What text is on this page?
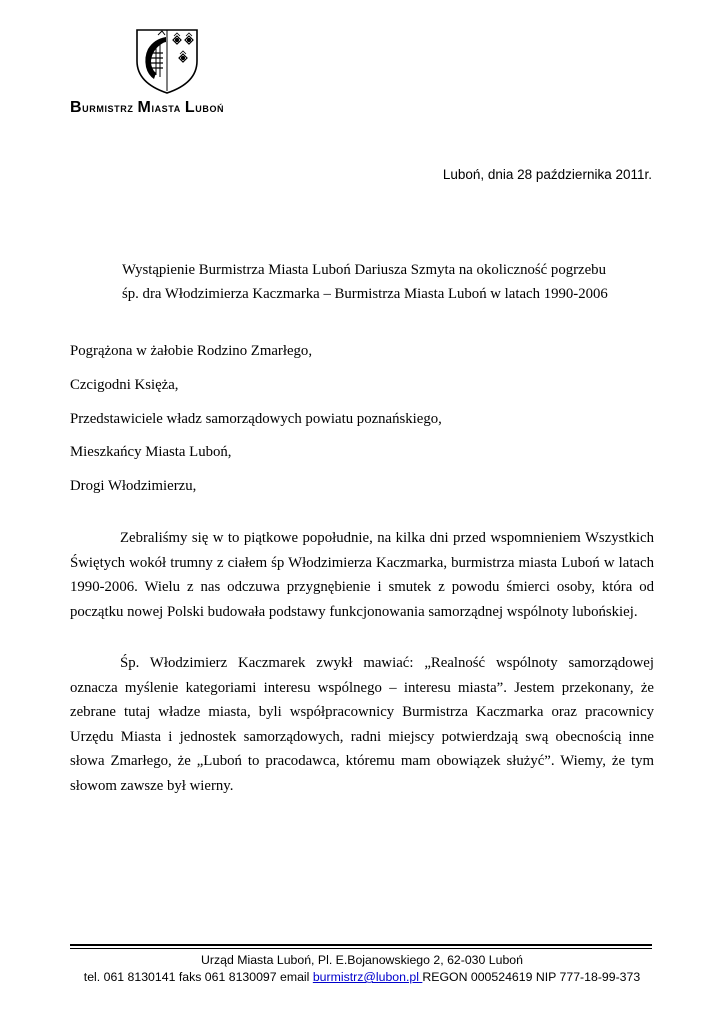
Burmistrz Miasta Luboń
Luboń, dnia 28 października 2011r.
Wystąpienie Burmistrza Miasta Luboń Dariusza Szmyta na okoliczność pogrzebu
śp. dra Włodzimierza Kaczmarka – Burmistrza Miasta Luboń w latach 1990-2006
Pogrążona w żałobie Rodzino Zmarłego,
Czcigodni Księża,
Przedstawiciele władz samorządowych powiatu poznańskiego,
Mieszkańcy Miasta Luboń,
Drogi Włodzimierzu,

Zebraliśmy się w to piątkowe popołudnie, na kilka dni przed wspomnieniem Wszystkich Świętych wokół trumny z ciałem śp Włodzimierza Kaczmarka, burmistrza miasta Luboń w latach 1990-2006. Wielu z nas odczuwa przygnębienie i smutek z powodu śmierci osoby, która od początku nowej Polski budowała podstawy funkcjonowania samorządnej wspólnoty lubońskiej.

Śp. Włodzimierz Kaczmarek zwykł mawiać: „Realność wspólnoty samorządowej oznacza myślenie kategoriami interesu wspólnego – interesu miasta”. Jestem przekonany, że zebrane tutaj władze miasta, byli współpracownicy Burmistrza Kaczmarka oraz pracownicy Urzędu Miasta i jednostek samorządowych, radni miejscy potwierdzają swą obecnością inne słowa Zmarłego, że „Luboń to pracodawca, któremu mam obowiązek służyć”. Wiemy, że tym słowom zawsze był wierny.

Urząd Miasta Luboń, Pl. E.Bojanowskiego 2, 62-030 Luboń
tel. 061 8130141 faks 061 8130097 email burmistrz@lubon.pl REGON 000524619 NIP 777-18-99-373
